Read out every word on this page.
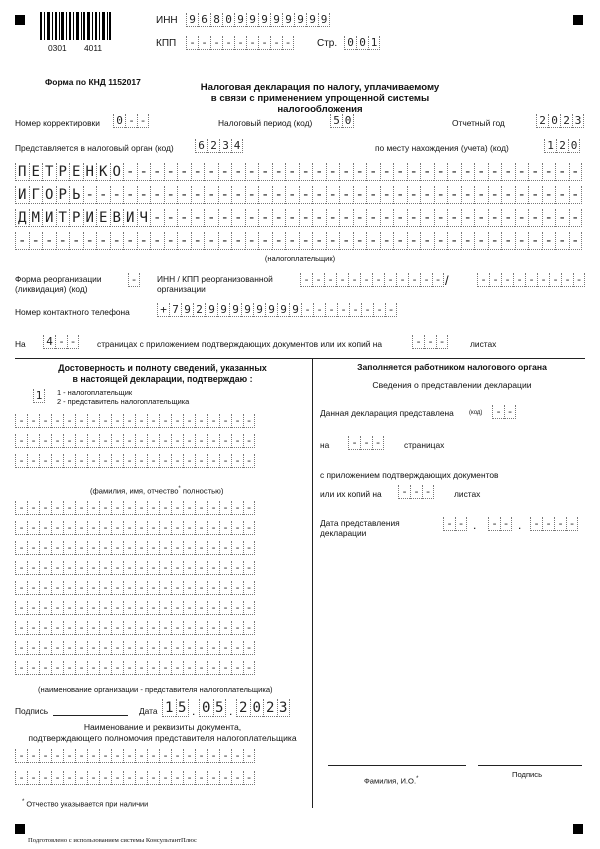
0301 4011
ИНН 9 6 8 0 9 9 9 9 9 9 9 9
КПП - - - - - - - - -	Стр. 0 0 1
Форма по КНД 1152017	Налоговая декларация по налогу, уплачиваемому
в связи с применением упрощенной системы налогообложения
Номер корректировки 0 - -	Налоговый период (код) 5 0	Отчетный год	2 0 2 3
Представляется в налоговый орган (код) 6 2 3 4	по месту нахождения (учета) (код)	1 2 0
П Е Т Р Е Н К О - - - - - - - - - - - - - - - - - - - - - - - - - - - - - - - - - -
И Г О Р Ь - - - - - - - - - - - - - - - - - - - - - - - - - - - - - - - - - - - - -
Д М И Т Р И Е В И Ч - - - - - - - - - - - - - - - - - - - - - - - - - - - - - - - -
- - - - - - - - - - - - - - - - - - - - - - - - - - - - - - - - - - - - - - - - - -
(налогоплательщик)
Форма реорганизации
(ликвидация) (код)
-	ИНН / КПП реорганизованной
организации
- - - - - - - - - - - - /	- - - - - - - - -
Номер контактного телефона	+ 7 9 2 9 9 9 9 9 9 9 9 - - - - - - - -
На 4 - -	страницах с приложением подтверждающих документов или их копий на	- - -	листах
Достоверность и полноту сведений, указанных
в настоящей декларации, подтверждаю :
1	1 - налогоплательщик
2 - представитель налогоплательщика
- - - - - - - - - - - - - - - - - - - -
- - - - - - - - - - - - - - - - - - - -
- - - - - - - - - - - - - - - - - - - -
(фамилия, имя, отчество* полностью)
- - - - - - - - - - - - - - - - - - - -
- - - - - - - - - - - - - - - - - - - -
- - - - - - - - - - - - - - - - - - - -
- - - - - - - - - - - - - - - - - - - -
- - - - - - - - - - - - - - - - - - - -
- - - - - - - - - - - - - - - - - - - -
- - - - - - - - - - - - - - - - - - - -
- - - - - - - - - - - - - - - - - - - -
- - - - - - - - - - - - - - - - - - - -
(наименование организации - представителя налогоплательщика)
Подпись	Дата 1 5 . 0 5 . 2 0 2 3
Наименование и реквизиты документа,
подтверждающего полномочия представителя налогоплательщика
- - - - - - - - - - - - - - - - - - - -
- - - - - - - - - - - - - - - - - - - -
Заполняется работником налогового органа
Сведения о представлении декларации
Данная декларация представлена	(код) - -
на - - -	страницах
с приложением подтверждающих документов
или их копий на - - -	листах
Дата представления
декларации
- - . - - . - - - -
Фамилия, И.О.*	Подпись
* Отчество указывается при наличии
Подготовлено с использованием системы КонсультантПлюс
